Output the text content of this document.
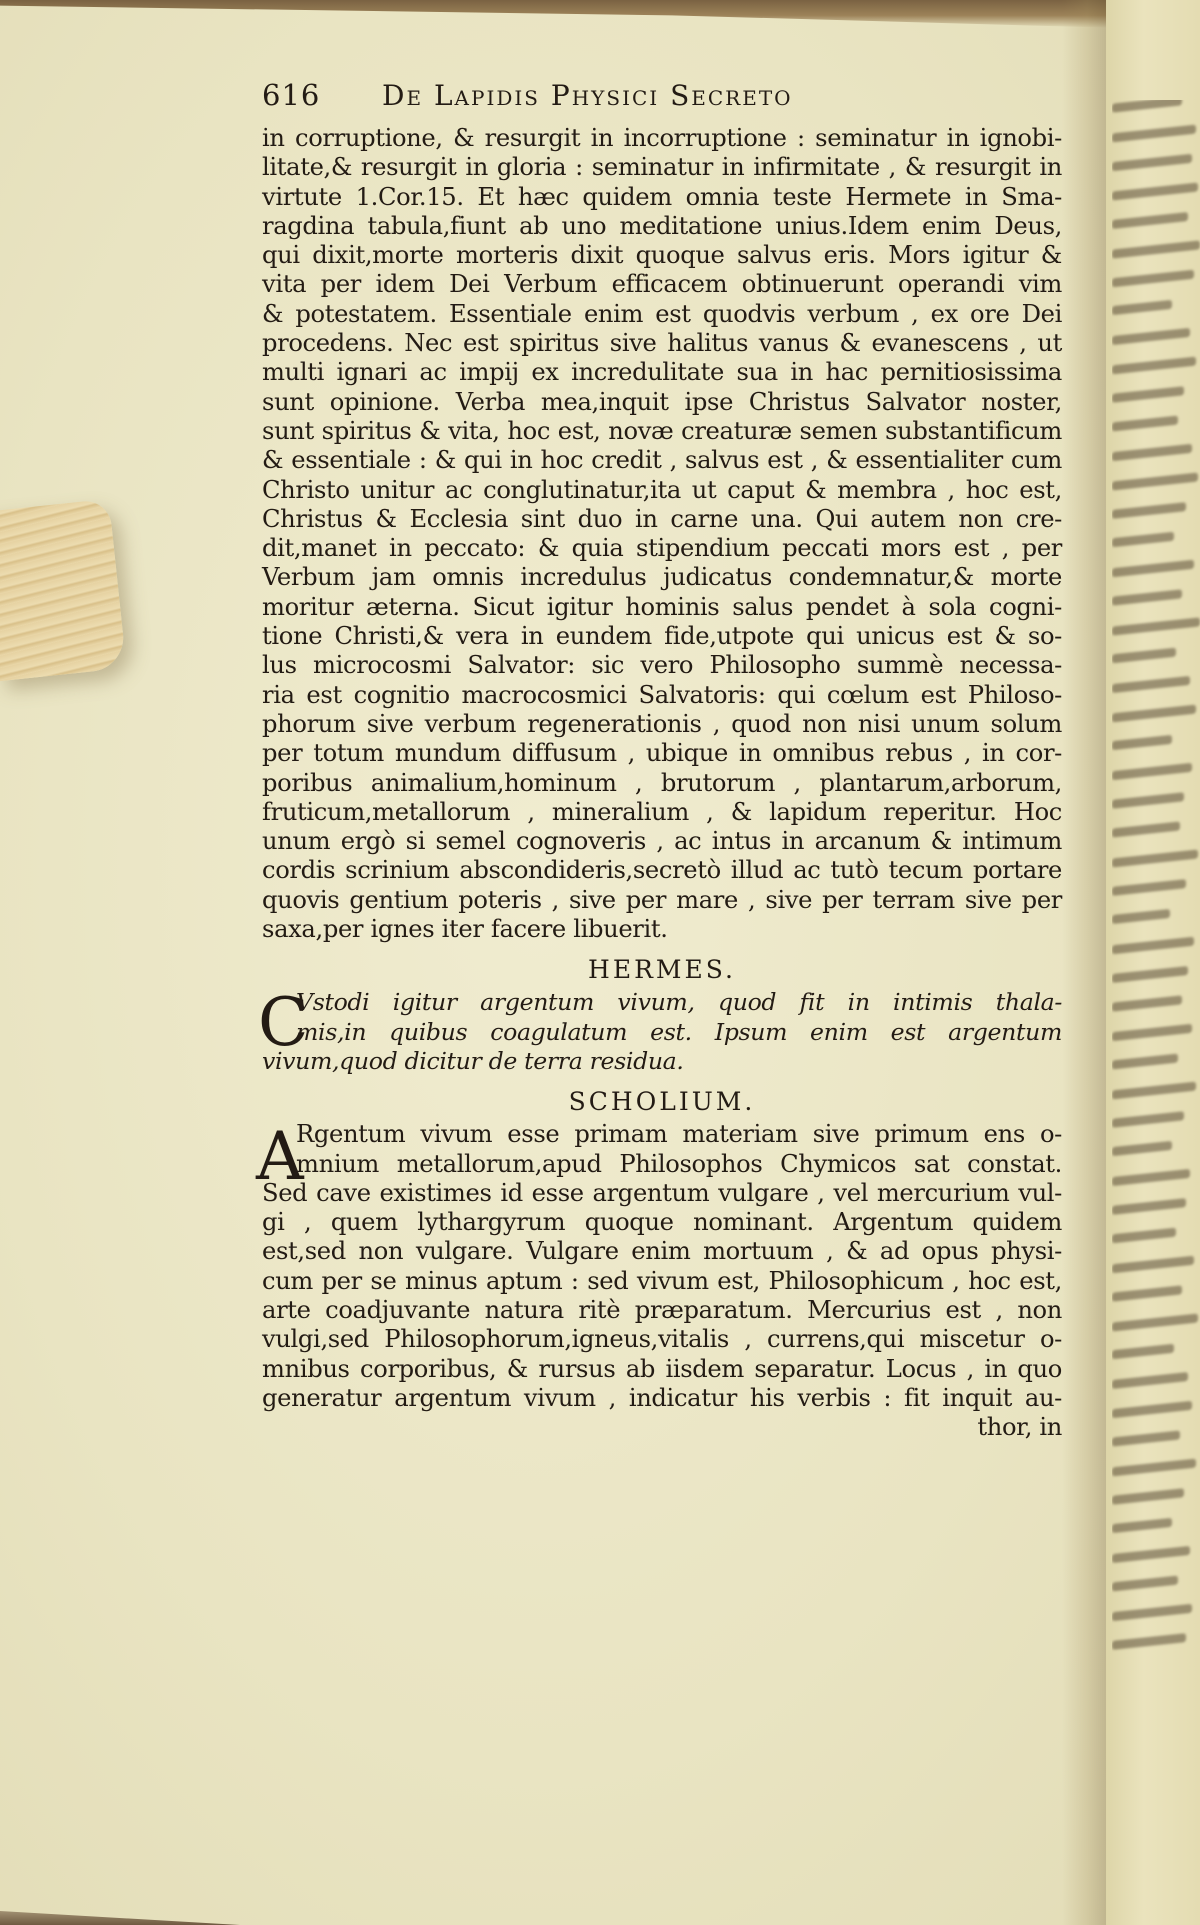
616	De Lapidis Physici Secreto
in corruptione, & resurgit in incorruptione : seminatur in ignobi-
litate,& resurgit in gloria : seminatur in infirmitate , & resurgit in
virtute 1.Cor.15. Et hæc quidem omnia teste Hermete in Sma-
ragdina tabula,fiunt ab uno meditatione unius.Idem enim Deus,
qui dixit,morte morteris dixit quoque salvus eris. Mors igitur &
vita per idem Dei Verbum efficacem obtinuerunt operandi vim
& potestatem. Essentiale enim est quodvis verbum , ex ore Dei
procedens. Nec est spiritus sive halitus vanus & evanescens , ut
multi ignari ac impij ex incredulitate sua in hac pernitiosissima
sunt opinione. Verba mea,inquit ipse Christus Salvator noster,
sunt spiritus & vita, hoc est, novæ creaturæ semen substantificum
& essentiale : & qui in hoc credit , salvus est , & essentialiter cum
Christo unitur ac conglutinatur,ita ut caput & membra , hoc est,
Christus & Ecclesia sint duo in carne una. Qui autem non cre-
dit,manet in peccato: & quia stipendium peccati mors est , per
Verbum jam omnis incredulus judicatus condemnatur,& morte
moritur æterna. Sicut igitur hominis salus pendet à sola cogni-
tione Christi,& vera in eundem fide,utpote qui unicus est & so-
lus microcosmi Salvator: sic vero Philosopho summè necessa-
ria est cognitio macrocosmici Salvatoris: qui cœlum est Philoso-
phorum sive verbum regenerationis , quod non nisi unum solum
per totum mundum diffusum , ubique in omnibus rebus , in cor-
poribus animalium,hominum , brutorum , plantarum,arborum,
fruticum,metallorum , mineralium , & lapidum reperitur. Hoc
unum ergò si semel cognoveris , ac intus in arcanum & intimum
cordis scrinium abscondideris,secretò illud ac tutò tecum portare
quovis gentium poteris , sive per mare , sive per terram sive per
saxa,per ignes iter facere libuerit.
HERMES.
C
Vstodi igitur argentum vivum, quod fit in intimis thala-
mis,in quibus coagulatum est. Ipsum enim est argentum
vivum,quod dicitur de terra residua.
SCHOLIUM.
A
Rgentum vivum esse primam materiam sive primum ens o-
mnium metallorum,apud Philosophos Chymicos sat constat.
Sed cave existimes id esse argentum vulgare , vel mercurium vul-
gi , quem lythargyrum quoque nominant. Argentum quidem
est,sed non vulgare. Vulgare enim mortuum , & ad opus physi-
cum per se minus aptum : sed vivum est, Philosophicum , hoc est,
arte coadjuvante natura ritè præparatum. Mercurius est , non
vulgi,sed Philosophorum,igneus,vitalis , currens,qui miscetur o-
mnibus corporibus, & rursus ab iisdem separatur. Locus , in quo
generatur argentum vivum , indicatur his verbis : fit inquit au-
thor, in
